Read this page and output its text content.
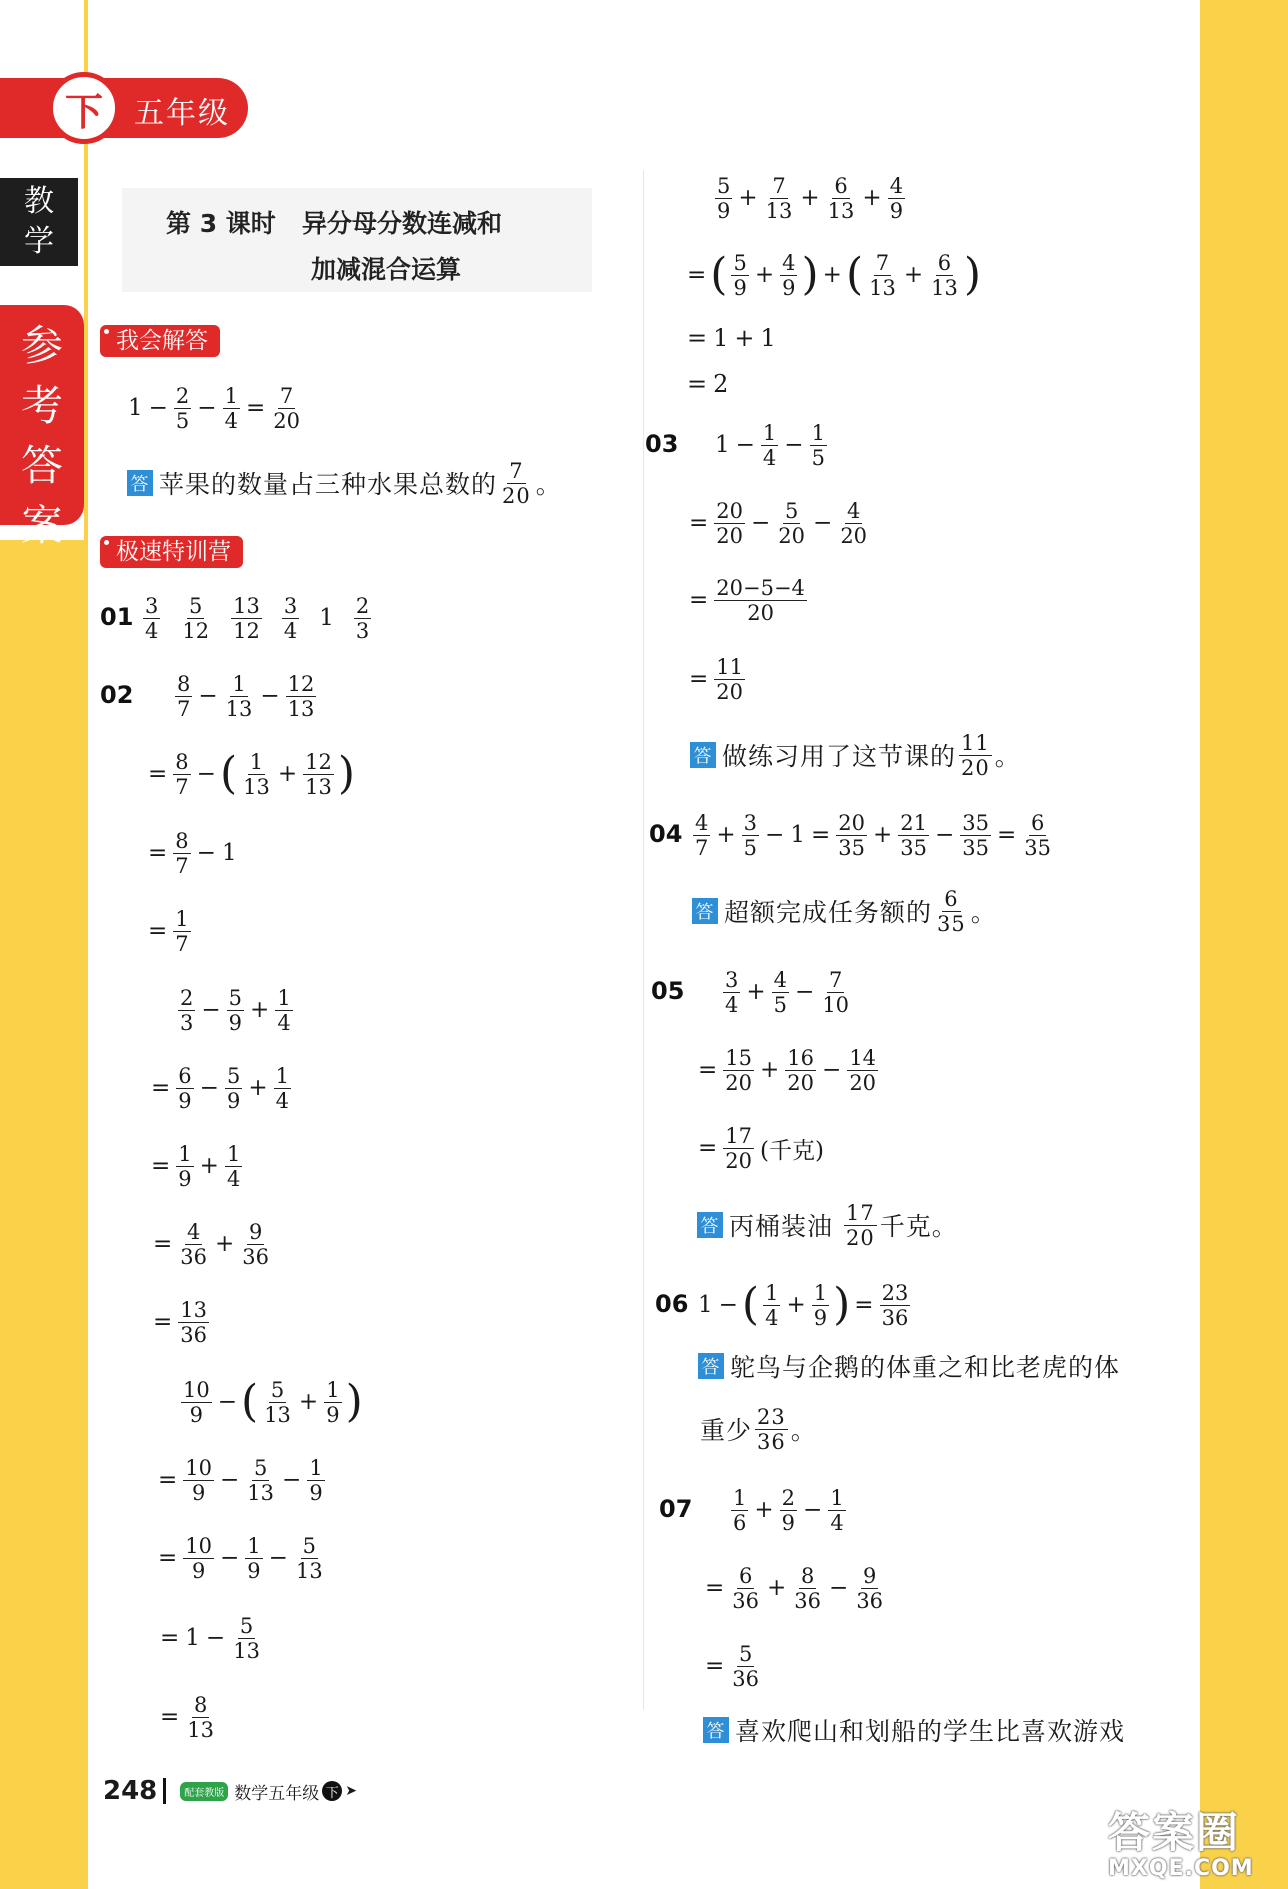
下	五年级
教
学
参
考
答
案
第 3 课时 异分母分数连减和
加减混合运算
我会解答
$1 - \frac{2}{5} - \frac{1}{4} = \frac{7}{20}$
答 苹果的数量占三种水果总数的 $\frac{7}{20}$ 。
极速特训营
$01 \frac{3}{4} \frac{5}{12} \frac{13}{12} \frac{3}{4} 1 \frac{2}{3}$
$02 \frac{8}{7} - \frac{1}{13} - \frac{12}{13}$
= $\frac{8}{7}$ − ( $\frac{1}{13} + \frac{12}{13}$ )
= $\frac{8}{7} - 1$
= $\frac{1}{7}$
$\frac{2}{3} - \frac{5}{9} + \frac{1}{4}$
= $\frac{6}{9} - \frac{5}{9} + \frac{1}{4}$
= $\frac{1}{9} + \frac{1}{4}$
= $\frac{4}{36} + \frac{9}{36}$
= $\frac{13}{36}$
$\frac{10}{9}$ − ( $\frac{5}{13} + \frac{1}{9}$ )
= $\frac{10}{9} - \frac{5}{13} - \frac{1}{9}$
= $\frac{10}{9} - \frac{1}{9} - \frac{5}{13}$
= $1 - \frac{5}{13}$
= $\frac{8}{13}$
$\frac{5}{9} + \frac{7}{13} + \frac{6}{13} + \frac{4}{9}$
= ( $\frac{5}{9} + \frac{4}{9}$ ) + ( $\frac{7}{13} + \frac{6}{13}$ )
= 1 + 1
= 2
03 $1 - \frac{1}{4} - \frac{1}{5}$
= $\frac{20}{20} - \frac{5}{20} - \frac{4}{20}$
= $\frac{20-5-4}{20}$
= $\frac{11}{20}$
答 做练习用了这节课的 $\frac{11}{20}$ 。
$04 \frac{4}{7} + \frac{3}{5} - 1 = \frac{20}{35} + \frac{21}{35} - \frac{35}{35} = \frac{6}{35}$
答 超额完成任务额的 $\frac{6}{35}$ 。
$05 \frac{3}{4} + \frac{4}{5} - \frac{7}{10}$
= $\frac{15}{20} + \frac{16}{20} - \frac{14}{20}$
= $\frac{17}{20}$ (千克)
答 丙桶装油 $\frac{17}{20}$ 千克。
06 1 − ( $\frac{1}{4} + \frac{1}{9}$ ) = $\frac{23}{36}$
答 鸵鸟与企鹅的体重之和比老虎的体
重少 $\frac{23}{36}$ 。
$07 \frac{1}{6} + \frac{2}{9} - \frac{1}{4}$
= $\frac{6}{36} + \frac{8}{36} - \frac{9}{36}$
= $\frac{5}{36}$
答 喜欢爬山和划船的学生比喜欢游戏
248	配套教版 数学五年级 下 ➤
答案圈
MXQE.COM
